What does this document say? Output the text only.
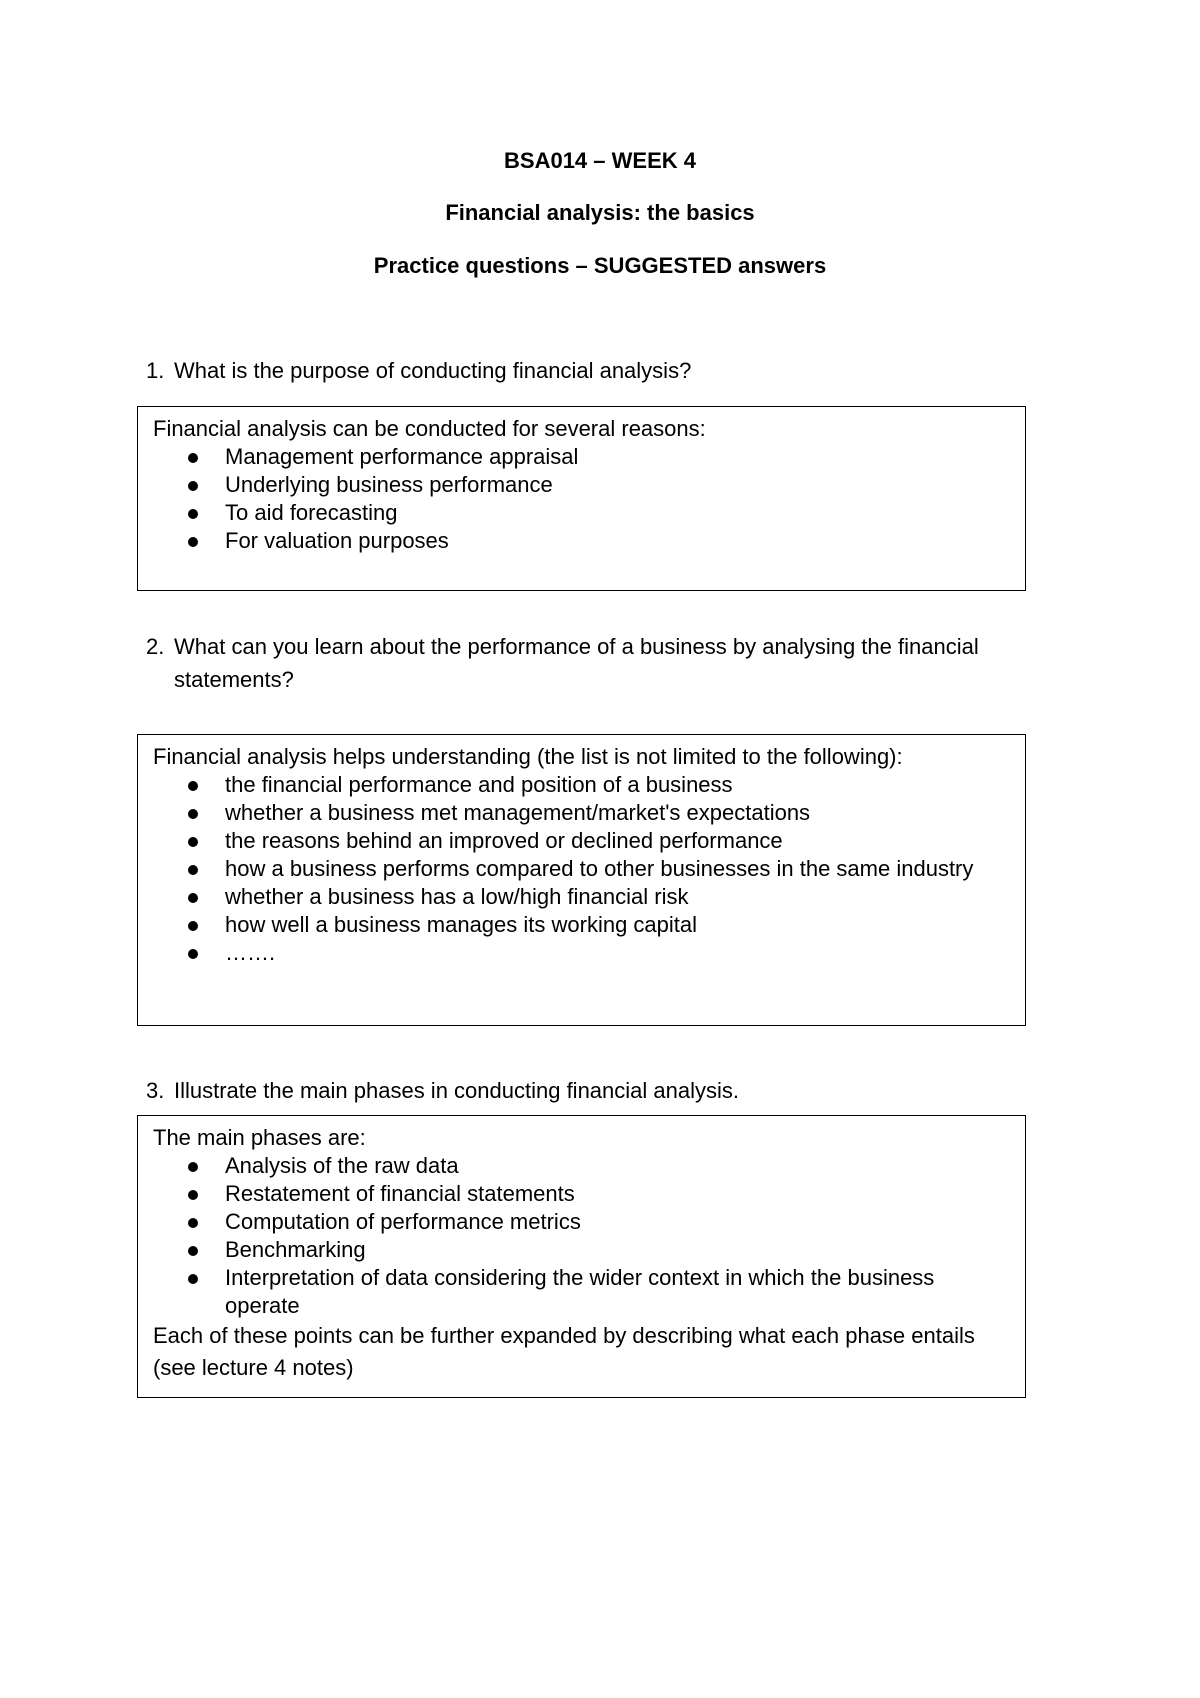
BSA014 – WEEK 4
Financial analysis: the basics
Practice questions – SUGGESTED answers
1. What is the purpose of conducting financial analysis?

Financial analysis can be conducted for several reasons:

Management performance appraisal
Underlying business performance
To aid forecasting
For valuation purposes
2. What can you learn about the performance of a business by analysing the financial statements?

Financial analysis helps understanding (the list is not limited to the following):

the financial performance and position of a business
whether a business met management/market's expectations
the reasons behind an improved or declined performance
how a business performs compared to other businesses in the same industry
whether a business has a low/high financial risk
how well a business manages its working capital
…….
3. Illustrate the main phases in conducting financial analysis.

The main phases are:

Analysis of the raw data
Restatement of financial statements
Computation of performance metrics
Benchmarking
Interpretation of data considering the wider context in which the business operate

Each of these points can be further expanded by describing what each phase entails (see lecture 4 notes)
